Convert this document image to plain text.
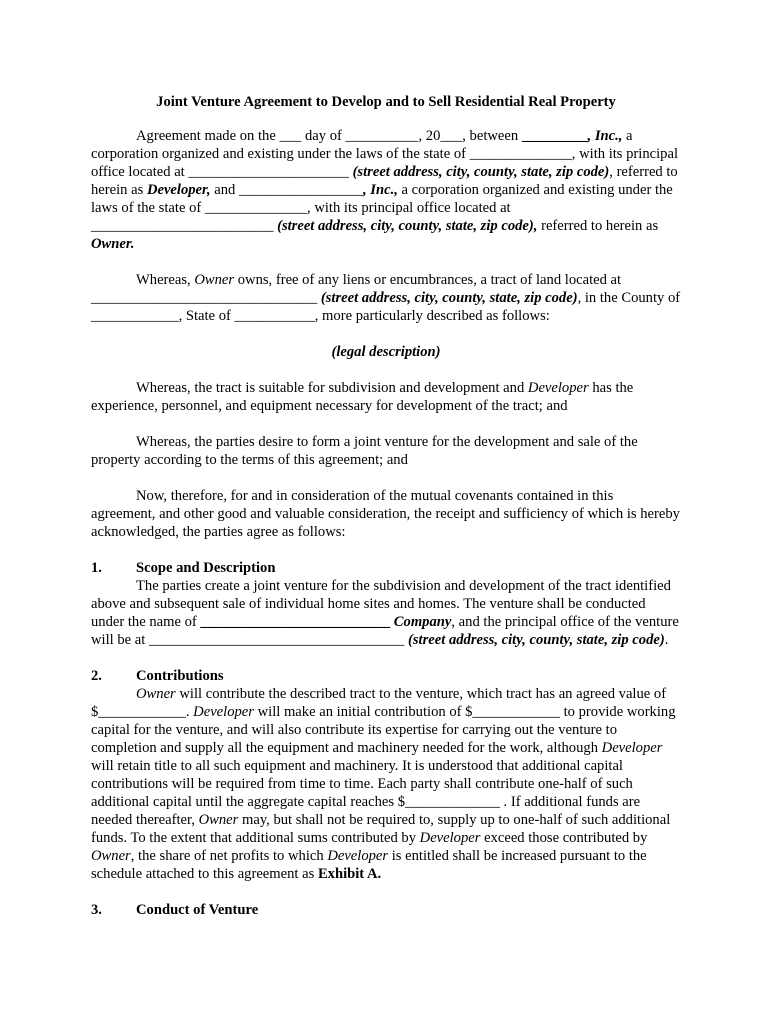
Joint Venture Agreement to Develop and to Sell Residential Real Property

Agreement made on the ___ day of __________, 20___, between _________, Inc., a corporation organized and existing under the laws of the state of ______________, with its principal office located at ______________________ (street address, city, county, state, zip code), referred to herein as Developer, and _________________, Inc., a corporation organized and existing under the laws of the state of ______________, with its principal office located at _________________________ (street address, city, county, state, zip code), referred to herein as Owner.

Whereas, Owner owns, free of any liens or encumbrances, a tract of land located at _______________________________ (street address, city, county, state, zip code), in the County of ____________, State of ___________, more particularly described as follows:

(legal description)

Whereas, the tract is suitable for subdivision and development and Developer has the experience, personnel, and equipment necessary for development of the tract; and

Whereas, the parties desire to form a joint venture for the development and sale of the property according to the terms of this agreement; and

Now, therefore, for and in consideration of the mutual covenants contained in this agreement, and other good and valuable consideration, the receipt and sufficiency of which is hereby acknowledged, the parties agree as follows:

1. Scope and Description

The parties create a joint venture for the subdivision and development of the tract identified above and subsequent sale of individual home sites and homes. The venture shall be conducted under the name of __________________________ Company, and the principal office of the venture will be at ___________________________________ (street address, city, county, state, zip code).

2. Contributions

Owner will contribute the described tract to the venture, which tract has an agreed value of $____________. Developer will make an initial contribution of $____________ to provide working capital for the venture, and will also contribute its expertise for carrying out the venture to completion and supply all the equipment and machinery needed for the work, although Developer will retain title to all such equipment and machinery. It is understood that additional capital contributions will be required from time to time. Each party shall contribute one-half of such additional capital until the aggregate capital reaches $_____________ . If additional funds are needed thereafter, Owner may, but shall not be required to, supply up to one-half of such additional funds. To the extent that additional sums contributed by Developer exceed those contributed by Owner, the share of net profits to which Developer is entitled shall be increased pursuant to the schedule attached to this agreement as Exhibit A.

3. Conduct of Venture
